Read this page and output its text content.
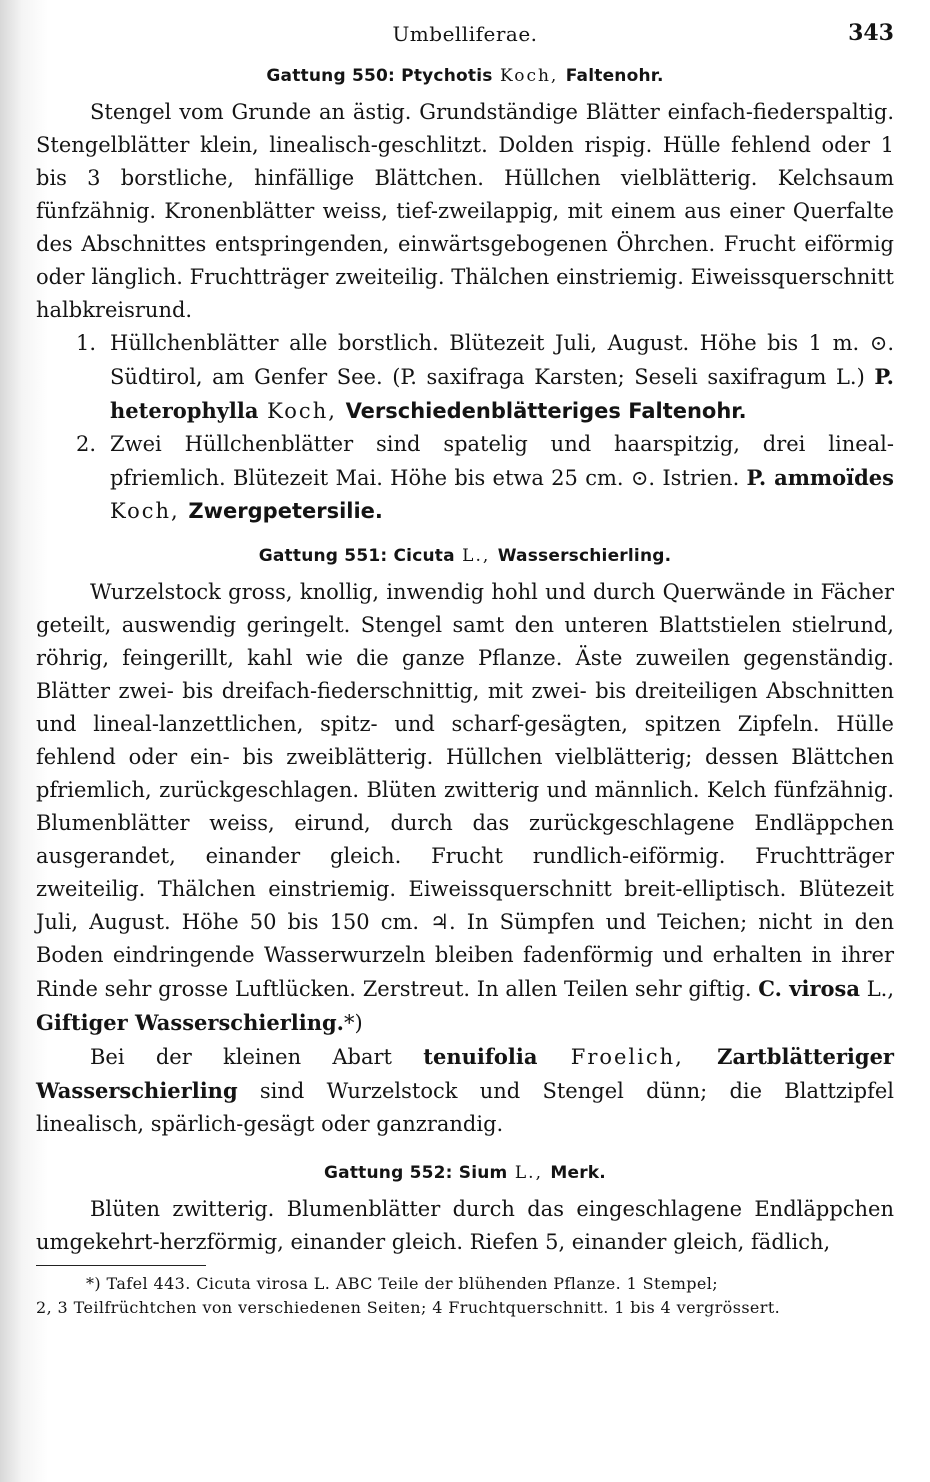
Umbelliferae.	343
Gattung 550: Ptychotis Koch, Faltenohr.

Stengel vom Grunde an ästig. Grundständige Blätter einfach-fiederspaltig. Stengelblätter klein, linealisch-geschlitzt. Dolden rispig. Hülle fehlend oder 1 bis 3 borstliche, hinfällige Blättchen. Hüllchen vielblätterig. Kelchsaum fünfzähnig. Kronenblätter weiss, tief-zweilappig, mit einem aus einer Querfalte des Abschnittes entspringenden, einwärtsgebogenen Öhrchen. Frucht eiförmig oder länglich. Fruchtträger zweiteilig. Thälchen einstriemig. Eiweissquerschnitt halbkreisrund.

1. Hüllchenblätter alle borstlich. Blütezeit Juli, August. Höhe bis 1 m. ⊙. Südtirol, am Genfer See. (P. saxifraga Karsten; Seseli saxifragum L.) P. heterophylla Koch, Verschiedenblätteriges Faltenohr.
2. Zwei Hüllchenblätter sind spatelig und haarspitzig, drei lineal-pfriemlich. Blütezeit Mai. Höhe bis etwa 25 cm. ⊙. Istrien. P. ammoïdes Koch, Zwergpetersilie.
Gattung 551: Cicuta L., Wasserschierling.

Wurzelstock gross, knollig, inwendig hohl und durch Querwände in Fächer geteilt, auswendig geringelt. Stengel samt den unteren Blattstielen stielrund, röhrig, feingerillt, kahl wie die ganze Pflanze. Äste zuweilen gegenständig. Blätter zwei- bis dreifach-fiederschnittig, mit zwei- bis dreiteiligen Abschnitten und lineal-lanzettlichen, spitz- und scharf-gesägten, spitzen Zipfeln. Hülle fehlend oder ein- bis zweiblätterig. Hüllchen vielblätterig; dessen Blättchen pfriemlich, zurückgeschlagen. Blüten zwitterig und männlich. Kelch fünfzähnig. Blumenblätter weiss, eirund, durch das zurückgeschlagene Endläppchen ausgerandet, einander gleich. Frucht rundlich-eiförmig. Fruchtträger zweiteilig. Thälchen einstriemig. Eiweissquerschnitt breit-elliptisch. Blütezeit Juli, August. Höhe 50 bis 150 cm. ♃. In Sümpfen und Teichen; nicht in den Boden eindringende Wasserwurzeln bleiben fadenförmig und erhalten in ihrer Rinde sehr grosse Luftlücken. Zerstreut. In allen Teilen sehr giftig. C. virosa L., Giftiger Wasserschierling.*)

Bei der kleinen Abart tenuifolia Froelich, Zartblätteriger Wasserschierling sind Wurzelstock und Stengel dünn; die Blattzipfel linealisch, spärlich-gesägt oder ganzrandig.

Gattung 552: Sium L., Merk.

Blüten zwitterig. Blumenblätter durch das eingeschlagene Endläppchen umgekehrt-herzförmig, einander gleich. Riefen 5, einander gleich, fädlich,

*) Tafel 443. Cicuta virosa L. ABC Teile der blühenden Pflanze. 1 Stempel;

2, 3 Teilfrüchtchen von verschiedenen Seiten; 4 Fruchtquerschnitt. 1 bis 4 vergrössert.
